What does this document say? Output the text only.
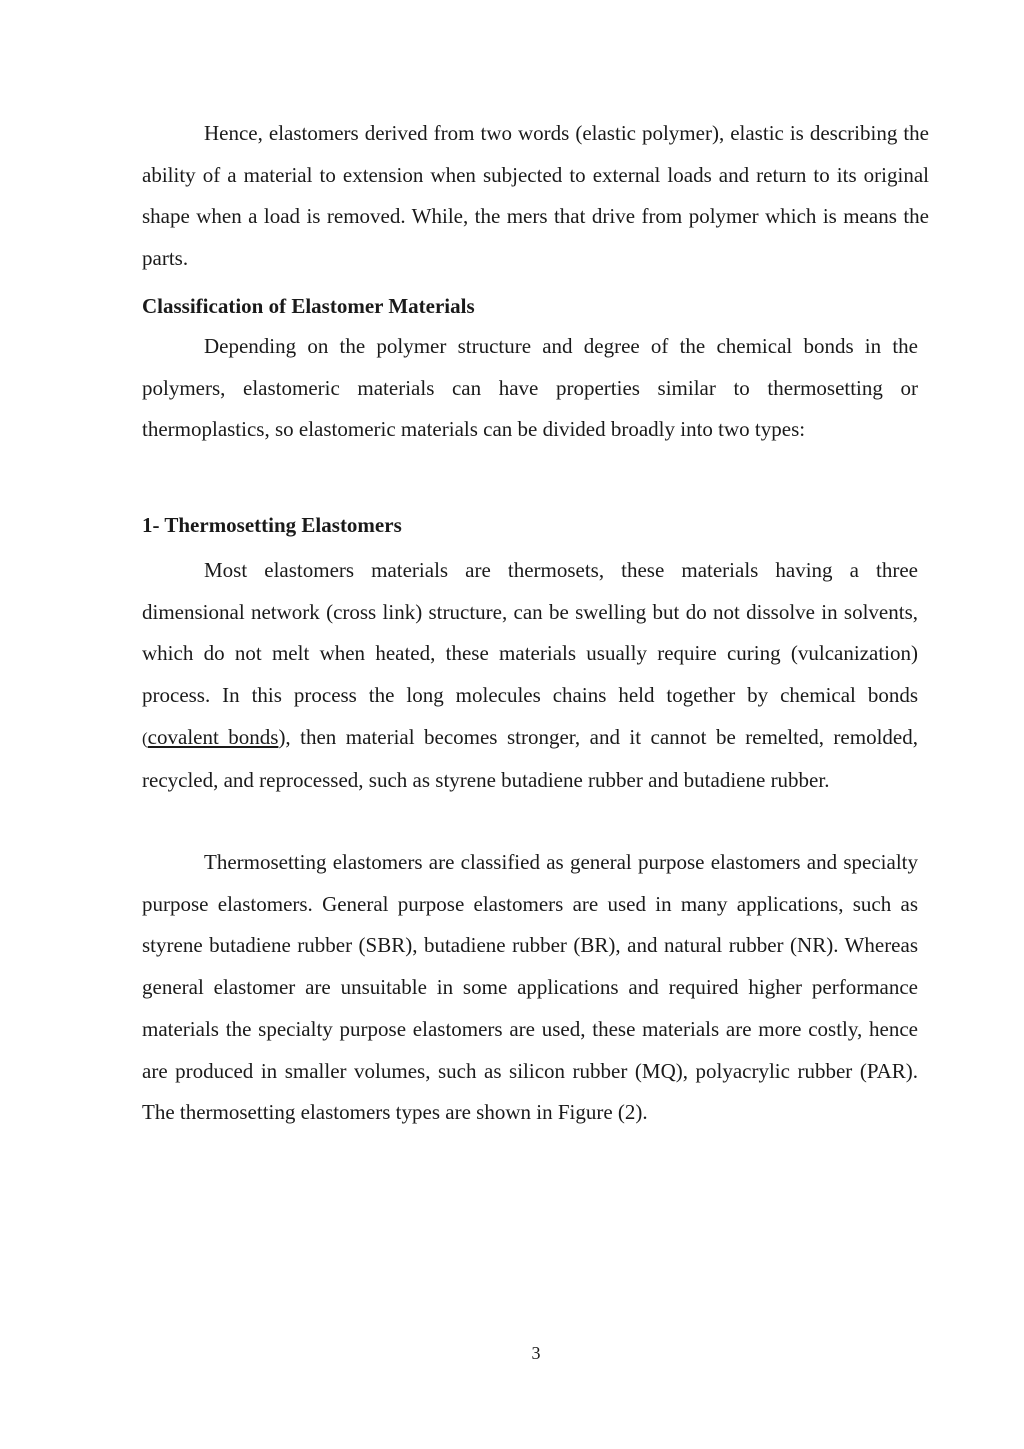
Hence, elastomers derived from two words (elastic polymer), elastic is describing the ability of a material to extension when subjected to external loads and return to its original shape when a load is removed. While, the mers that drive from polymer which is means the parts.

Classification of Elastomer Materials

Depending on the polymer structure and degree of the chemical bonds in the polymers, elastomeric materials can have properties similar to thermosetting or thermoplastics, so elastomeric materials can be divided broadly into two types:

1- Thermosetting Elastomers

Most elastomers materials are thermosets, these materials having a three dimensional network (cross link) structure, can be swelling but do not dissolve in solvents, which do not melt when heated, these materials usually require curing (vulcanization) process. In this process the long molecules chains held together by chemical bonds (covalent bonds), then material becomes stronger, and it cannot be remelted, remolded, recycled, and reprocessed, such as styrene butadiene rubber and butadiene rubber.

Thermosetting elastomers are classified as general purpose elastomers and specialty purpose elastomers. General purpose elastomers are used in many applications, such as styrene butadiene rubber (SBR), butadiene rubber (BR), and natural rubber (NR). Whereas general elastomer are unsuitable in some applications and required higher performance materials the specialty purpose elastomers are used, these materials are more costly, hence are produced in smaller volumes, such as silicon rubber (MQ), polyacrylic rubber (PAR). The thermosetting elastomers types are shown in Figure (2).

3
